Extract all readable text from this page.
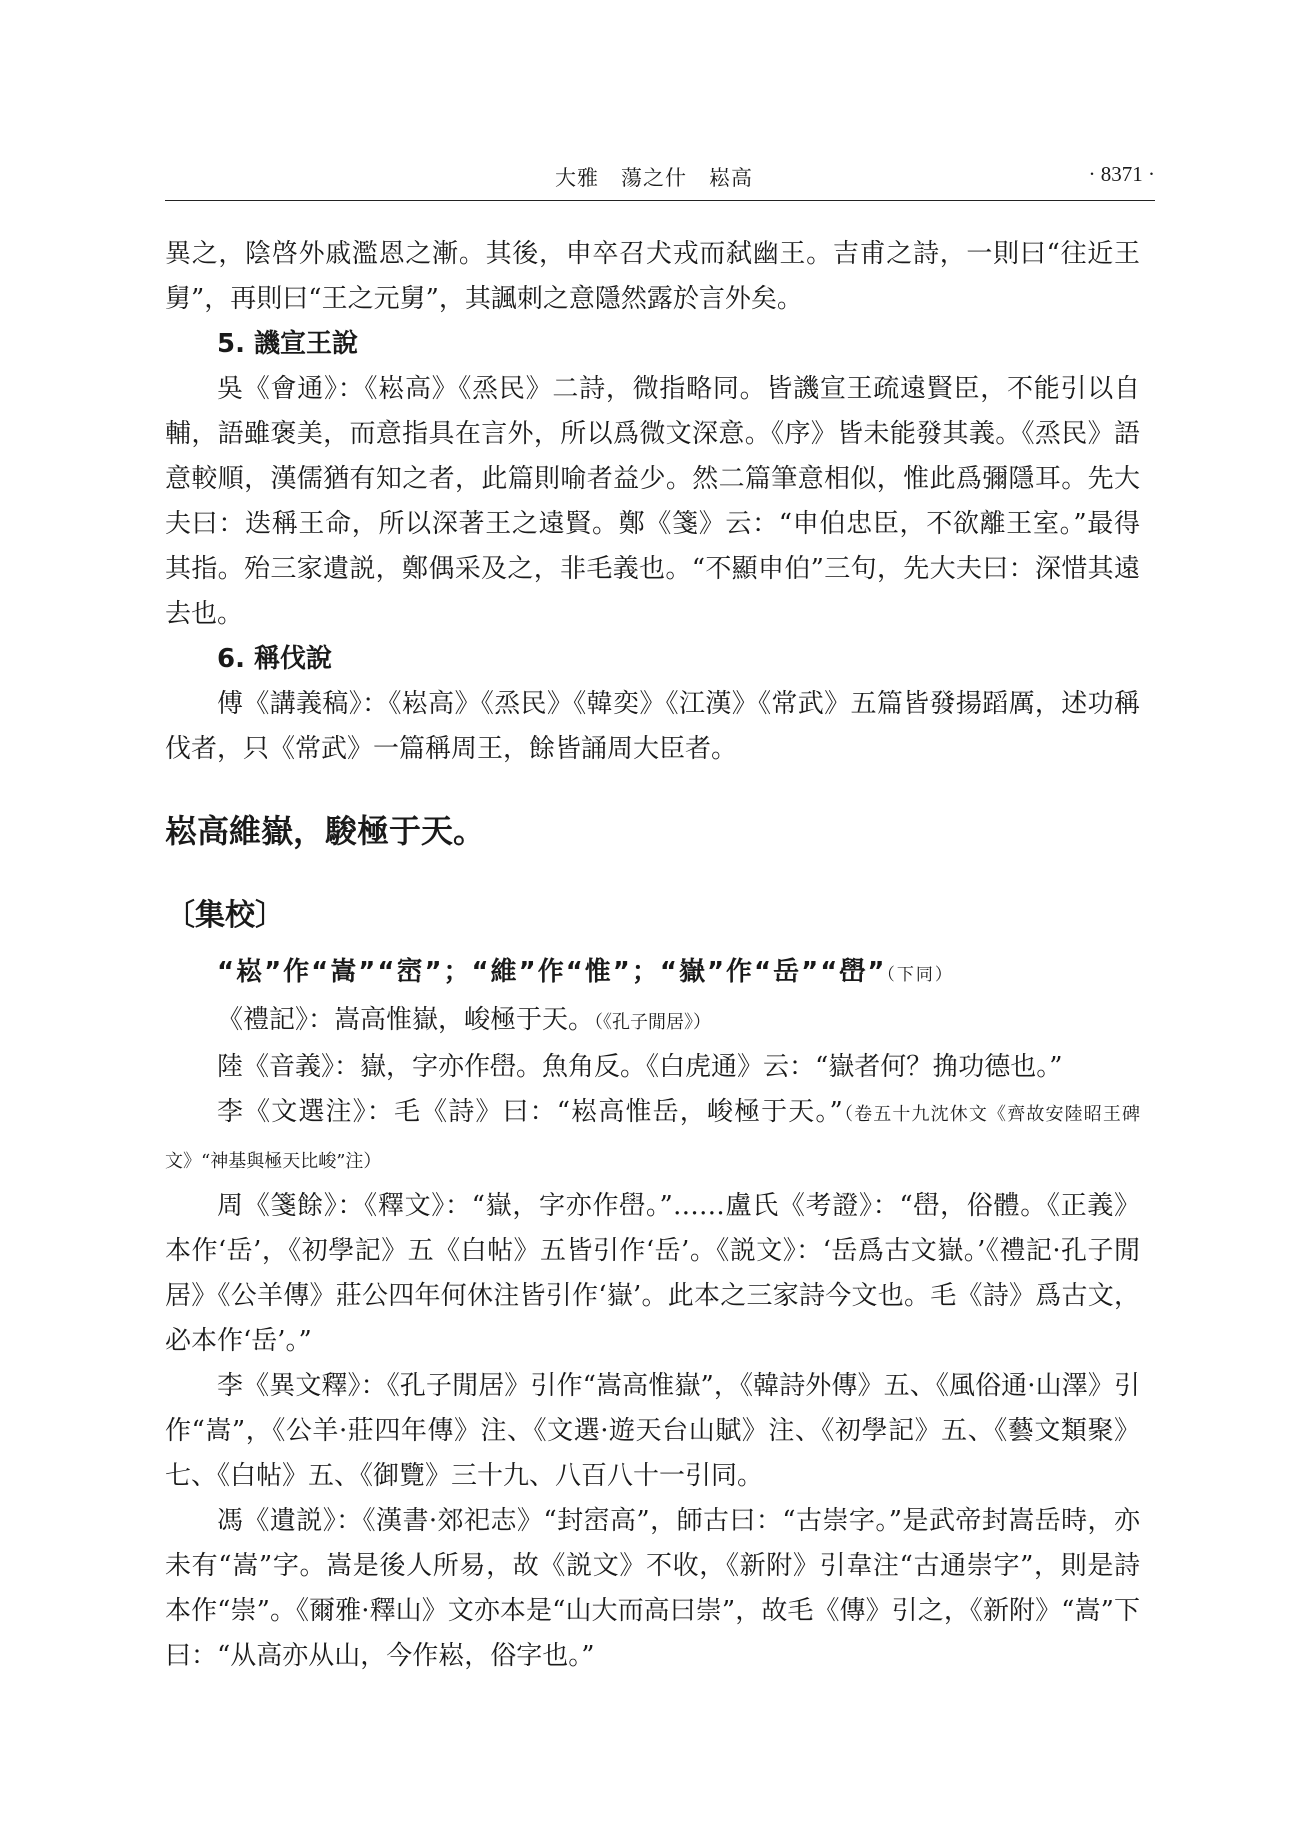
大雅　蕩之什　崧高	· 8371 ·

異之，陰啓外戚濫恩之漸。其後，申卒召犬戎而弑幽王。吉甫之詩，一則曰“往近王舅”，再則曰“王之元舅”，其諷刺之意隱然露於言外矣。

5. 譏宣王說

吳《會通》：《崧高》《烝民》二詩，微指略同。皆譏宣王疏遠賢臣，不能引以自輔，語雖褒美，而意指具在言外，所以爲微文深意。《序》皆未能發其義。《烝民》語意較順，漢儒猶有知之者，此篇則喻者益少。然二篇筆意相似，惟此爲彌隱耳。先大夫曰：迭稱王命，所以深著王之遠賢。鄭《箋》云：“申伯忠臣，不欲離王室。”最得其指。殆三家遺説，鄭偶采及之，非毛義也。“不顯申伯”三句，先大夫曰：深惜其遠去也。

6. 稱伐說

傅《講義稿》：《崧高》《烝民》《韓奕》《江漢》《常武》五篇皆發揚蹈厲，述功稱伐者，只《常武》一篇稱周王，餘皆誦周大臣者。

崧高維嶽，駿極于天。
〔集校〕
“崧”作“嵩”“崈”；“維”作“惟”；“嶽”作“岳”“嶨”（下同）

《禮記》：嵩高惟嶽，峻極于天。（《孔子閒居》）

陸《音義》：嶽，字亦作嶨。魚角反。《白虎通》云：“嶽者何？捔功德也。”

李《文選注》：毛《詩》曰：“崧高惟岳，峻極于天。”（卷五十九沈休文《齊故安陸昭王碑文》“神基與極天比峻”注）

周《箋餘》：《釋文》：“嶽，字亦作嶨。”……盧氏《考證》：“嶨，俗體。《正義》本作‘岳’，《初學記》五《白帖》五皆引作‘岳’。《説文》：‘岳爲古文嶽。’《禮記·孔子閒居》《公羊傳》莊公四年何休注皆引作‘嶽’。此本之三家詩今文也。毛《詩》爲古文，必本作‘岳’。”

李《異文釋》：《孔子閒居》引作“嵩高惟嶽”，《韓詩外傳》五、《風俗通·山澤》引作“嵩”，《公羊·莊四年傳》注、《文選·遊天台山賦》注、《初學記》五、《藝文類聚》七、《白帖》五、《御覽》三十九、八百八十一引同。

馮《遺説》：《漢書·郊祀志》“封崈高”，師古曰：“古崇字。”是武帝封嵩岳時，亦未有“嵩”字。嵩是後人所易，故《説文》不收，《新附》引韋注“古通崇字”，則是詩本作“崇”。《爾雅·釋山》文亦本是“山大而高曰崇”，故毛《傳》引之，《新附》“嵩”下曰：“从高亦从山，今作崧，俗字也。”
